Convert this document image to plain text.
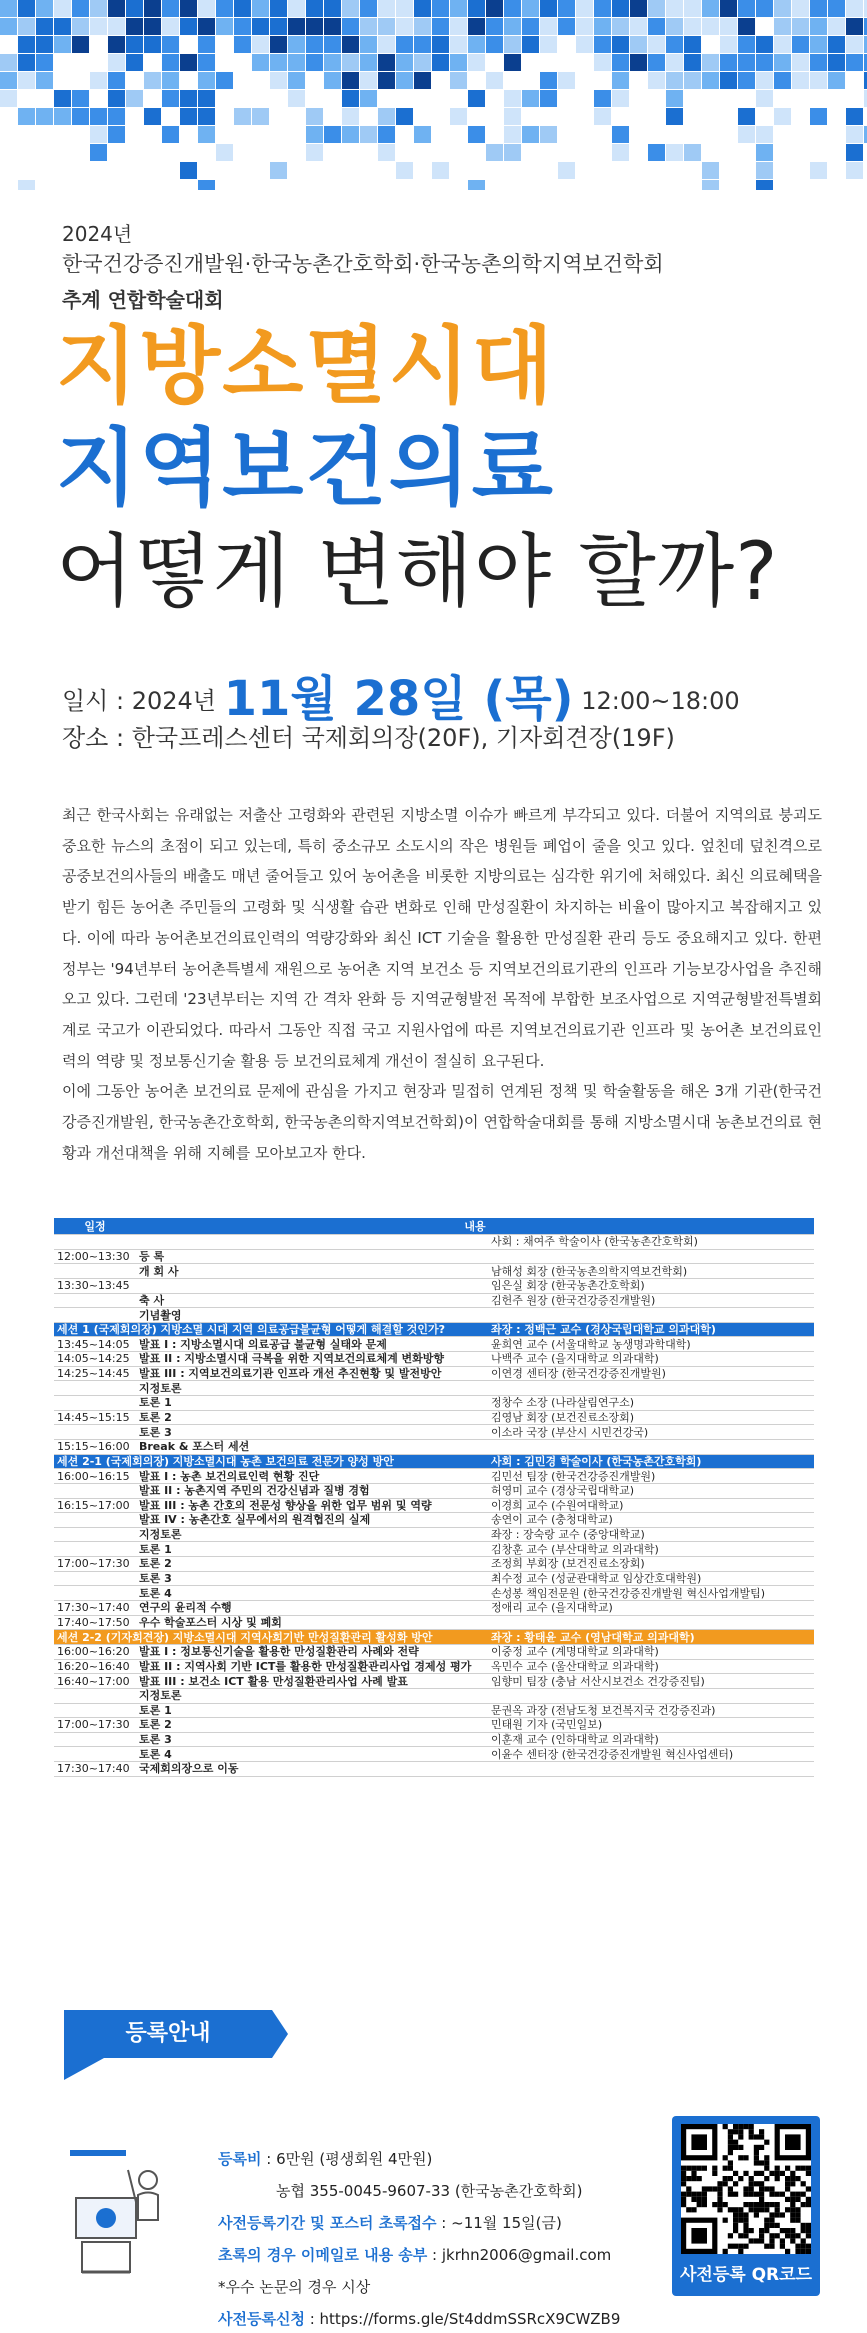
2024년
한국건강증진개발원·한국농촌간호학회·한국농촌의학지역보건학회
추계 연합학술대회
지방소멸시대
지역보건의료
어떻게 변해야 할까?
일시 : 2024년 11월 28일 (목) 12:00~18:00
장소 : 한국프레스센터 국제회의장(20F), 기자회견장(19F)

최근 한국사회는 유래없는 저출산 고령화와 관련된 지방소멸 이슈가 빠르게 부각되고 있다. 더불어 지역의료 붕괴도 중요한 뉴스의 초점이 되고 있는데, 특히 중소규모 소도시의 작은 병원들 폐업이 줄을 잇고 있다. 엎친데 덮친격으로 공중보건의사들의 배출도 매년 줄어들고 있어 농어촌을 비롯한 지방의료는 심각한 위기에 처해있다. 최신 의료혜택을 받기 힘든 농어촌 주민들의 고령화 및 식생활 습관 변화로 인해 만성질환이 차지하는 비율이 많아지고 복잡해지고 있다. 이에 따라 농어촌보건의료인력의 역량강화와 최신 ICT 기술을 활용한 만성질환 관리 등도 중요해지고 있다. 한편 정부는 '94년부터 농어촌특별세 재원으로 농어촌 지역 보건소 등 지역보건의료기관의 인프라 기능보강사업을 추진해오고 있다. 그런데 '23년부터는 지역 간 격차 완화 등 지역균형발전 목적에 부합한 보조사업으로 지역균형발전특별회계로 국고가 이관되었다. 따라서 그동안 직접 국고 지원사업에 따른 지역보건의료기관 인프라 및 농어촌 보건의료인력의 역량 및 정보통신기술 활용 등 보건의료체계 개선이 절실히 요구된다.

이에 그동안 농어촌 보건의료 문제에 관심을 가지고 현장과 밀접히 연계된 정책 및 학술활동을 해온 3개 기관(한국건강증진개발원, 한국농촌간호학회, 한국농촌의학지역보건학회)이 연합학술대회를 통해 지방소멸시대 농촌보건의료 현황과 개선대책을 위해 지혜를 모아보고자 한다.

일정	내용	
		사회 : 채여주 학술이사 (한국농촌간호학회)
12:00~13:30	등 록	
	개 회 사	남해성 회장 (한국농촌의학지역보건학회)
13:30~13:45		임은실 회장 (한국농촌간호학회)
	축 사	김헌주 원장 (한국건강증진개발원)
	기념촬영	
세션 1 (국제회의장) 지방소멸 시대 지역 의료공급불균형 어떻게 해결할 것인가?		좌장 : 정백근 교수 (경상국립대학교 의과대학)
13:45~14:05	발표 I : 지방소멸시대 의료공급 불균형 실태와 문제	윤희연 교수 (서울대학교 농생명과학대학)
14:05~14:25	발표 II : 지방소멸시대 극복을 위한 지역보건의료체계 변화방향	나백주 교수 (을지대학교 의과대학)
14:25~14:45	발표 III : 지역보건의료기관 인프라 개선 추진현황 및 발전방안	이연경 센터장 (한국건강증진개발원)
	지정토론	
	토론 1	정창수 소장 (나라살림연구소)
14:45~15:15	토론 2	김영남 회장 (보건진료소장회)
	토론 3	이소라 국장 (부산시 시민건강국)
15:15~16:00	Break & 포스터 세션	
세션 2-1 (국제회의장) 지방소멸시대 농촌 보건의료 전문가 양성 방안		사회 : 김민경 학술이사 (한국농촌간호학회)
16:00~16:15	발표 I : 농촌 보건의료인력 현황 진단	김민선 팀장 (한국건강증진개발원)
	발표 II : 농촌지역 주민의 건강신념과 질병 경험	허영미 교수 (경상국립대학교)
16:15~17:00	발표 III : 농촌 간호의 전문성 향상을 위한 업무 범위 및 역량	이경희 교수 (수원여대학교)
	발표 IV : 농촌간호 실무에서의 원격협진의 실제	송연이 교수 (충청대학교)
	지정토론	좌장 : 장숙랑 교수 (중앙대학교)
	토론 1	김창훈 교수 (부산대학교 의과대학)
17:00~17:30	토론 2	조정희 부회장 (보건진료소장회)
	토론 3	최수정 교수 (성균관대학교 임상간호대학원)
	토론 4	손성봉 책임전문원 (한국건강증진개발원 혁신사업개발팀)
17:30~17:40	연구의 윤리적 수행	정애리 교수 (을지대학교)
17:40~17:50	우수 학술포스터 시상 및 폐회	
세션 2-2 (기자회견장) 지방소멸시대 지역사회기반 만성질환관리 활성화 방안		좌장 : 황태윤 교수 (영남대학교 의과대학)
16:00~16:20	발표 I : 정보통신기술을 활용한 만성질환관리 사례와 전략	이중정 교수 (계명대학교 의과대학)
16:20~16:40	발표 II : 지역사회 기반 ICT를 활용한 만성질환관리사업 경제성 평가	옥민수 교수 (울산대학교 의과대학)
16:40~17:00	발표 III : 보건소 ICT 활용 만성질환관리사업 사례 발표	임향미 팀장 (충남 서산시보건소 건강증진팀)
	지정토론	
	토론 1	문권옥 과장 (전남도청 보건복지국 건강증진과)
17:00~17:30	토론 2	민태원 기자 (국민일보)
	토론 3	이훈재 교수 (인하대학교 의과대학)
	토론 4	이윤수 센터장 (한국건강증진개발원 혁신사업센터)
17:30~17:40	국제회의장으로 이동	
등록안내
등록비 : 6만원 (평생회원 4만원)
농협 355-0045-9607-33 (한국농촌간호학회)
사전등록기간 및 포스터 초록접수 : ~11월 15일(금)
초록의 경우 이메일로 내용 송부 : jkrhn2006@gmail.com
*우수 논문의 경우 시상
사전등록신청 : https://forms.gle/St4ddmSSRcX9CWZB9
사전등록 QR코드
